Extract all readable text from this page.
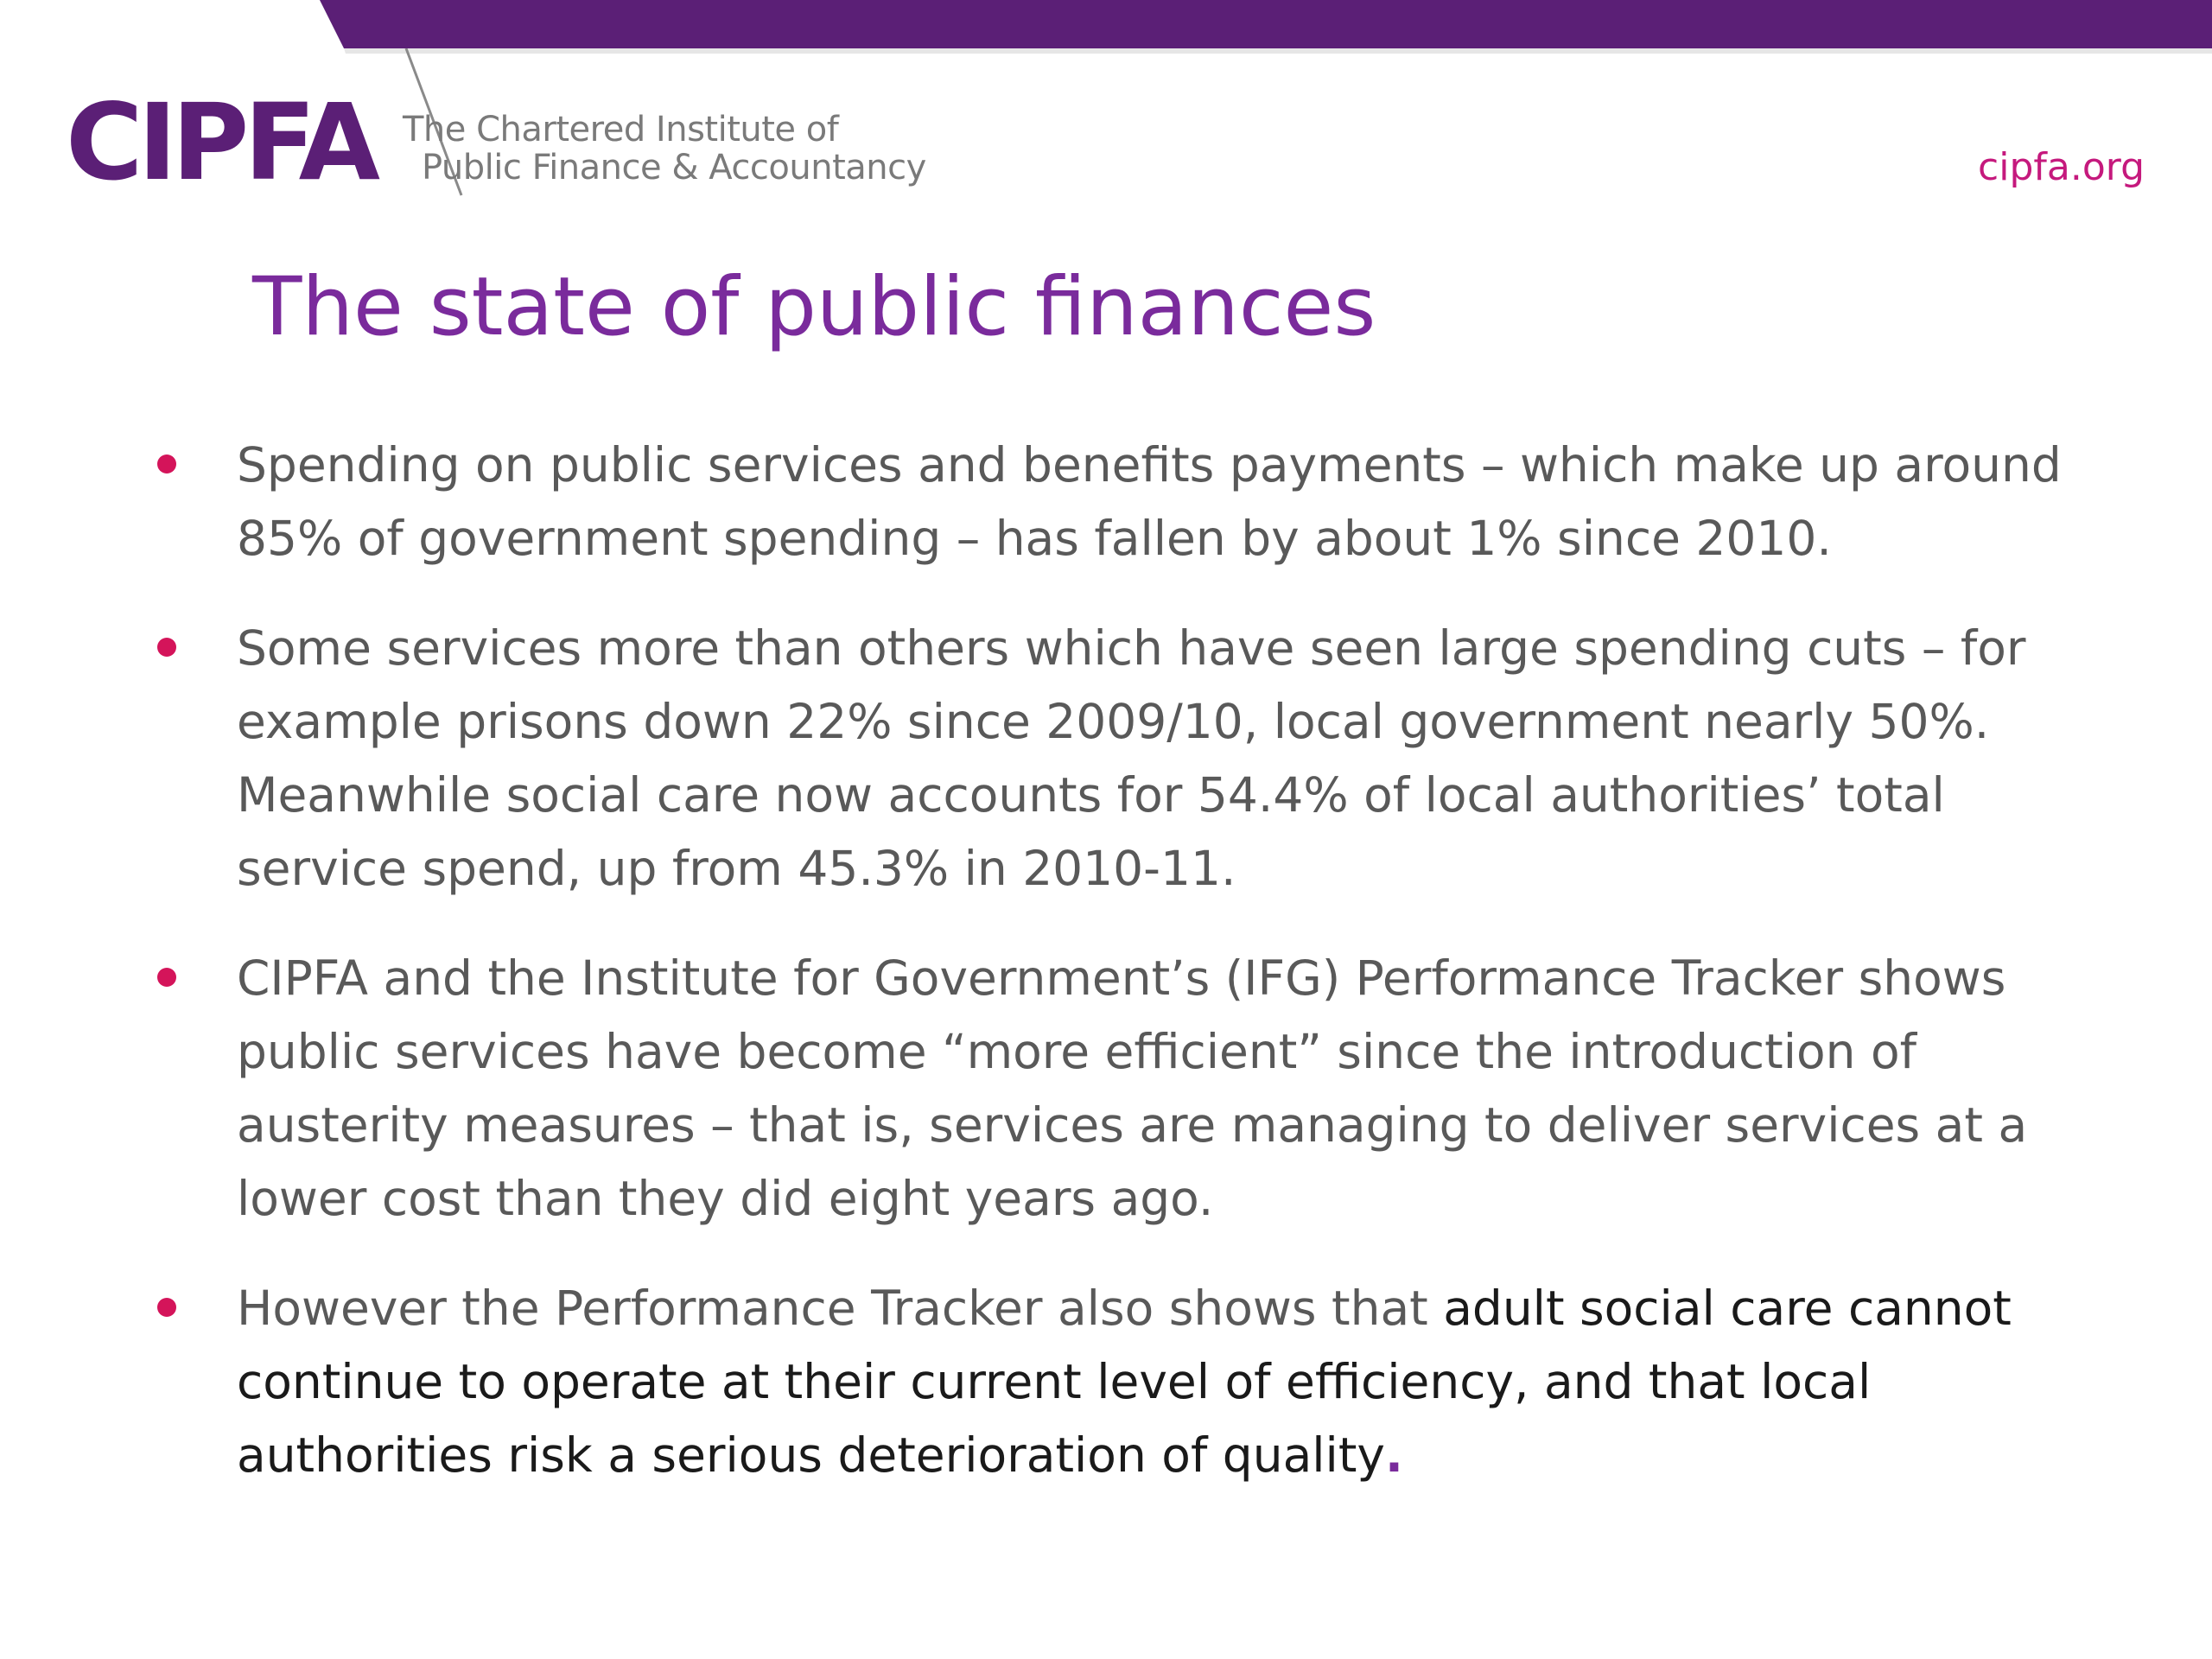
CIPFA The Chartered Institute of
Public Finance & Accountancy	cipfa.org
The state of public finances
Spending on public services and benefits payments – which make up around 85% of government spending – has fallen by about 1% since 2010.
Some services more than others which have seen large spending cuts – for example prisons down 22% since 2009/10, local government nearly 50%. Meanwhile social care now accounts for 54.4% of local authorities’ total service spend, up from 45.3% in 2010-11.
CIPFA and the Institute for Government’s (IFG) Performance Tracker shows public services have become “more efficient” since the introduction of austerity measures – that is, services are managing to deliver services at a lower cost than they did eight years ago.
However the Performance Tracker also shows that adult social care cannot continue to operate at their current level of efficiency, and that local authorities risk a serious deterioration of quality.
